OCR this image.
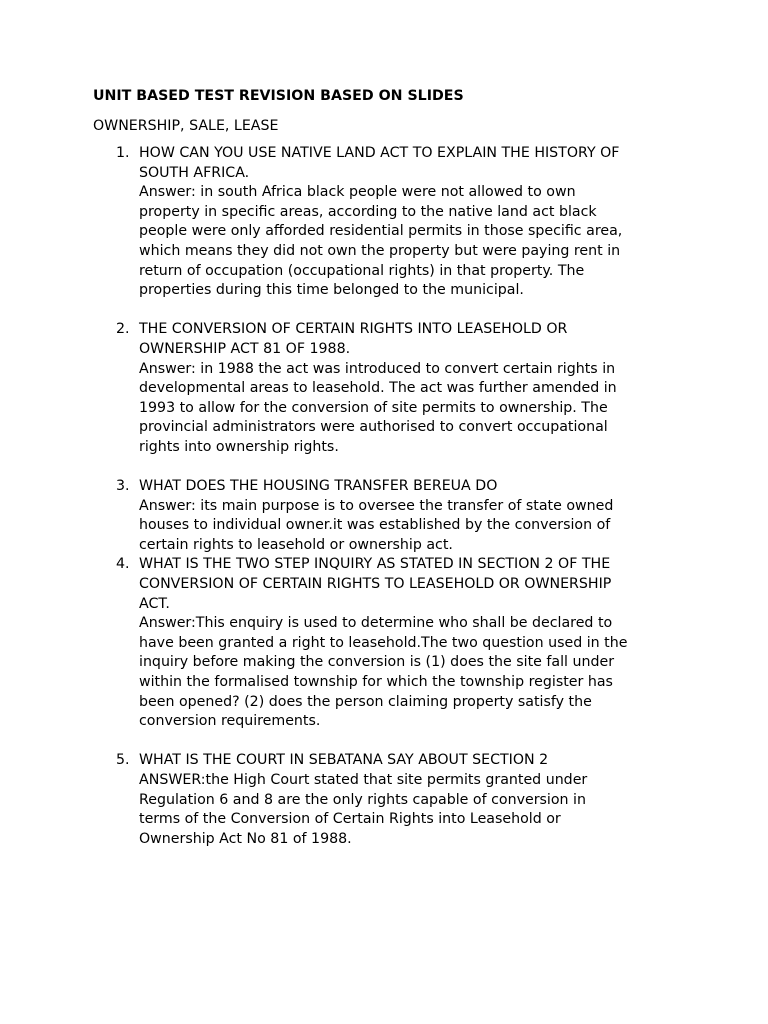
UNIT BASED TEST REVISION BASED ON SLIDES

OWNERSHIP, SALE, LEASE

1. HOW CAN YOU USE NATIVE LAND ACT TO EXPLAIN THE HISTORY OF
SOUTH AFRICA.
Answer: in south Africa black people were not allowed to own
property in specific areas, according to the native land act black
people were only afforded residential permits in those specific area,
which means they did not own the property but were paying rent in
return of occupation (occupational rights) in that property. The
properties during this time belonged to the municipal.
2. THE CONVERSION OF CERTAIN RIGHTS INTO LEASEHOLD OR
OWNERSHIP ACT 81 OF 1988.
Answer: in 1988 the act was introduced to convert certain rights in
developmental areas to leasehold. The act was further amended in
1993 to allow for the conversion of site permits to ownership. The
provincial administrators were authorised to convert occupational
rights into ownership rights.
3. WHAT DOES THE HOUSING TRANSFER BEREUA DO
Answer: its main purpose is to oversee the transfer of state owned
houses to individual owner.it was established by the conversion of
certain rights to leasehold or ownership act.
4. WHAT IS THE TWO STEP INQUIRY AS STATED IN SECTION 2 OF THE
CONVERSION OF CERTAIN RIGHTS TO LEASEHOLD OR OWNERSHIP
ACT.
Answer:This enquiry is used to determine who shall be declared to
have been granted a right to leasehold.The two question used in the
inquiry before making the conversion is (1) does the site fall under
within the formalised township for which the township register has
been opened? (2) does the person claiming property satisfy the
conversion requirements.
5. WHAT IS THE COURT IN SEBATANA SAY ABOUT SECTION 2
ANSWER:the High Court stated that site permits granted under
Regulation 6 and 8 are the only rights capable of conversion in
terms of the Conversion of Certain Rights into Leasehold or
Ownership Act No 81 of 1988.
